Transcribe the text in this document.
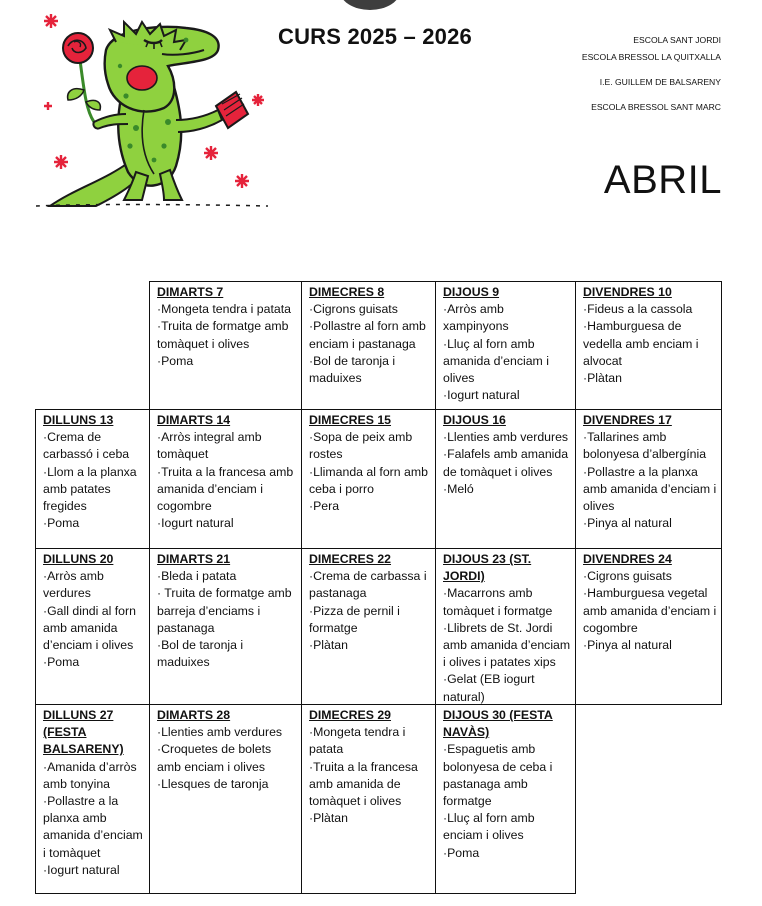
CURS 2025 – 2026	ESCOLA SANT JORDI
ESCOLA BRESSOL LA QUITXALLA
I.E. GUILLEM DE BALSARENY
ESCOLA BRESSOL SANT MARC
ABRIL
DIMARTS 7
·Mongeta tendra i patata
·Truita de formatge amb tomàquet i olives
·Poma
DIMECRES 8
·Cigrons guisats
·Pollastre al forn amb enciam i pastanaga
·Bol de taronja i maduixes
DIJOUS 9
·Arròs amb xampinyons
·Lluç al forn amb amanida d’enciam i olives
·Iogurt natural
DIVENDRES 10
·Fideus a la cassola
·Hamburguesa de vedella amb enciam i alvocat
·Plàtan
DILLUNS 13
·Crema de carbassó i ceba
·Llom a la planxa amb patates fregides
·Poma
DIMARTS 14
·Arròs integral amb tomàquet
·Truita a la francesa amb amanida d’enciam i cogombre
·Iogurt natural
DIMECRES 15
·Sopa de peix amb rostes
·Llimanda al forn amb ceba i porro
·Pera
DIJOUS 16
·Llenties amb verdures
·Falafels amb amanida de tomàquet i olives
·Meló
DIVENDRES 17
·Tallarines amb bolonyesa d’albergínia
·Pollastre a la planxa amb amanida d’enciam i olives
·Pinya al natural
DILLUNS 20
·Arròs amb verdures
·Gall dindi al forn amb amanida d’enciam i olives
·Poma
DIMARTS 21
·Bleda i patata
· Truita de formatge amb barreja d’enciams i pastanaga
·Bol de taronja i maduixes
DIMECRES 22
·Crema de carbassa i pastanaga
·Pizza de pernil i formatge
·Plàtan
DIJOUS 23 (ST. JORDI)
·Macarrons amb tomàquet i formatge
·Llibrets de St. Jordi amb amanida d’enciam i olives i patates xips
·Gelat (EB iogurt natural)
DIVENDRES 24
·Cigrons guisats
·Hamburguesa vegetal amb amanida d’enciam i cogombre
·Pinya al natural
DILLUNS 27 (FESTA BALSARENY)
·Amanida d’arròs amb tonyina
·Pollastre a la planxa amb amanida d’enciam i tomàquet
·Iogurt natural
DIMARTS 28
·Llenties amb verdures
·Croquetes de bolets amb enciam i olives
·Llesques de taronja
DIMECRES 29
·Mongeta tendra i patata
·Truita a la francesa amb amanida de tomàquet i olives
·Plàtan
DIJOUS 30 (FESTA NAVÀS)
·Espaguetis amb bolonyesa de ceba i pastanaga amb formatge
·Lluç al forn amb enciam i olives
·Poma
